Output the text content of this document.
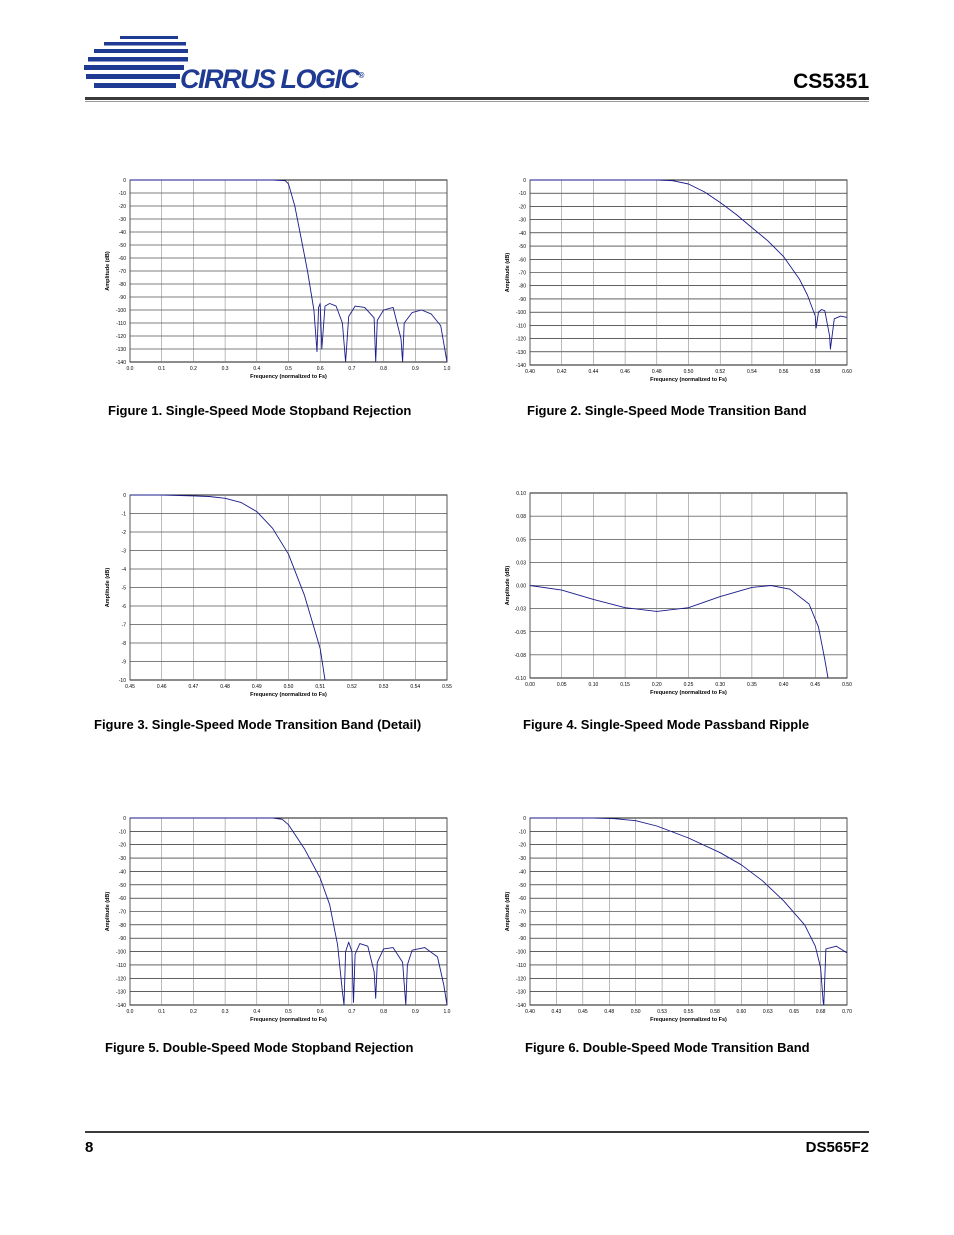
CIRRUS LOGIC®	CS5351
0
-10
-20
-30
-40
-50
-60
-70
-80
-90
-100
-110
-120
-130
-140
0.0	0.1	0.2	0.3	0.4	0.5	0.6	0.7	0.8	0.9	1.0
Frequency (normalized to Fs)
Amplitude (dB)
0
-10
-20
-30
-40
-50
-60
-70
-80
-90
-100
-110
-120
-130
-140
0.40	0.42	0.44	0.46	0.48	0.50	0.52	0.54	0.56	0.58	0.60
Frequency (normalized to Fs)
Amplitude (dB)
0
-1
-2
-3
-4
-5
-6
-7
-8
-9
-10
0.45	0.46	0.47	0.48	0.49	0.50	0.51	0.52	0.53	0.54	0.55
Frequency (normalized to Fs)
Amplitude (dB)
0.10
0.08
0.05
0.03
0.00
-0.03
-0.05
-0.08
-0.10
0.00	0.05	0.10	0.15	0.20	0.25	0.30	0.35	0.40	0.45	0.50
Frequency (normalized to Fs)
Amplitude (dB)
0
-10
-20
-30
-40
-50
-60
-70
-80
-90
-100
-110
-120
-130
-140
0.0	0.1	0.2	0.3	0.4	0.5	0.6	0.7	0.8	0.9	1.0
Frequency (normalized to Fs)
Amplitude (dB)
0
-10
-20
-30
-40
-50
-60
-70
-80
-90
-100
-110
-120
-130
-140
0.40	0.43	0.45	0.48	0.50	0.53	0.55	0.58	0.60	0.63	0.65	0.68	0.70
Frequency (normalized to Fs)
Amplitude (dB)
Figure 1. Single-Speed Mode Stopband Rejection	Figure 2. Single-Speed Mode Transition Band
Figure 3. Single-Speed Mode Transition Band (Detail)	Figure 4. Single-Speed Mode Passband Ripple
Figure 5. Double-Speed Mode Stopband Rejection	Figure 6. Double-Speed Mode Transition Band
8	DS565F2
